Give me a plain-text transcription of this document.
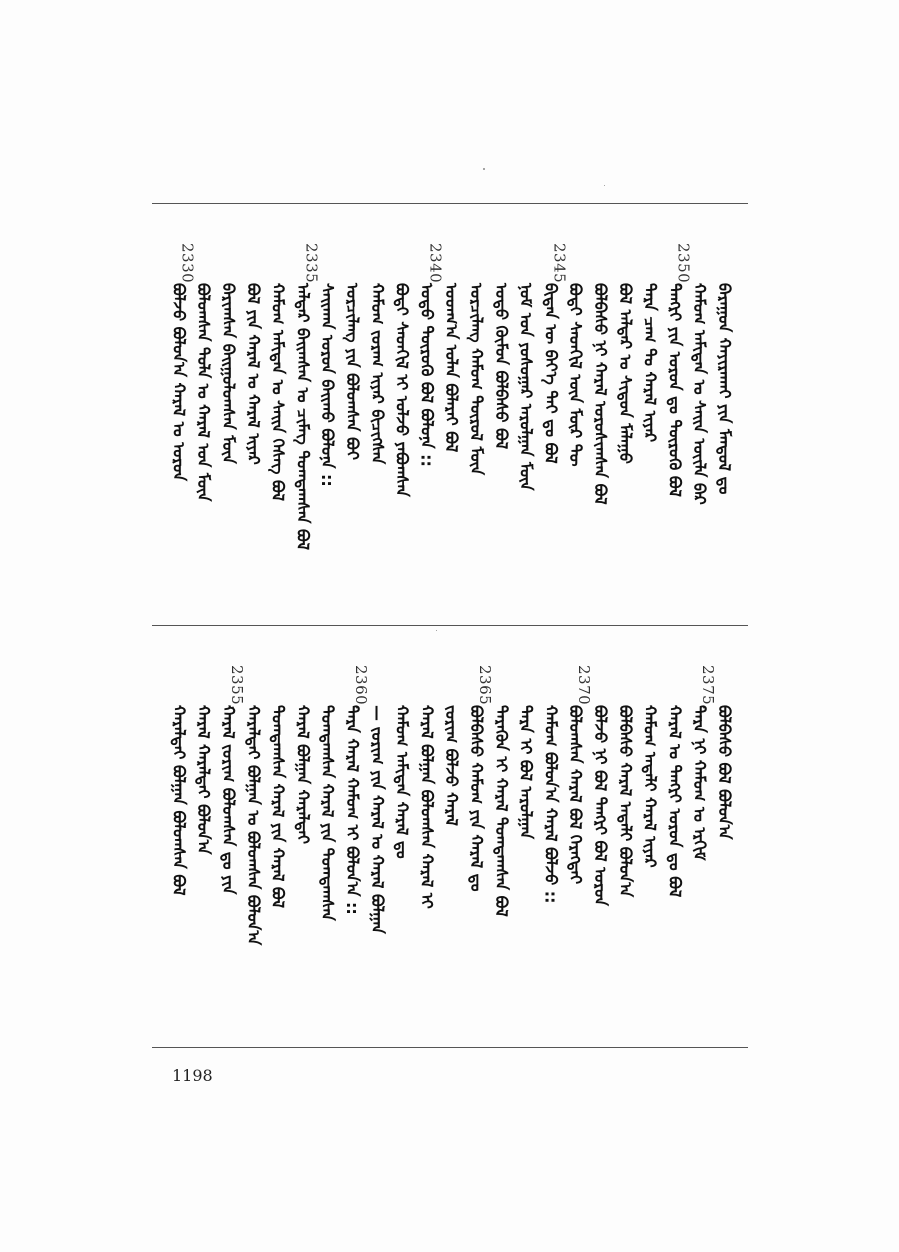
ᠪᠠᠷᠠᠭᠤᠨ ᠬᠠᠶᠢᠷᠠᠬᠠᠢ ᠶᠢᠨ ᠮᠠᠨᠳᠤᠯ ᠳᠤ
ᠬᠠᠮᠤᠭ ᠠᠮᠢᠲᠠᠨ ᠤ ᠰᠠᠢᠨ ᠦᠢᠯᠡ ᠪᠡᠷ
2350.
ᠲᠡᠩᠷᠢ ᠶᠢᠨ ᠣᠷᠣᠨ ᠳᠤ ᠲᠥᠷᠦᠬᠦ ᠪᠣᠯ
ᠲᠡᠷᠡ ᠴᠠᠭ ᠲᠤ ᠬᠠᠷᠠᠯ ᠢᠶᠠᠷ
ᠪᠣᠯ ᠠᠯᠳᠠᠷ ᠤ ᠰᠢᠳᠦᠨ ᠮᠠᠯᠠᠭᠤ
ᠪᠣᠯᠪᠠᠰᠤ ᠨᠢ ᠬᠠᠷᠠᠯ ᠣᠷᠣᠰᠢᠭᠰᠠᠨ ᠪᠣᠯ
ᠪᠣᠳᠢ ᠰᠡᠳᠬᠢᠯ ᠦᠨ ᠮᠥᠷ ᠲᠦ
2345.
ᠪᠢᠳᠡᠨ ᠦ ᠪᠡᠶ᠎ᠡ ᠲᠠᠢ ᠳᠤ ᠪᠣᠯ
ᠨᠣᠮ ᠤᠨ ᠶᠣᠰᠣᠭᠠᠷ ᠠᠷᠤᠯᠭᠠᠨ ᠮᠥᠨ
ᠣᠳᠣ ᠬᠦᠮᠦᠨ ᠪᠣᠯᠪᠠᠰᠤ ᠪᠣᠯ
ᠣᠷᠴᠢᠯᠠᠩ ᠬᠠᠮᠤᠭ ᠲᠦᠷᠦᠯ ᠮᠥᠨ
ᠣᠳᠬ᠎ᠠ ᠣᠯᠠᠨ ᠪᠣᠯᠠᠷᠠᠢ ᠪᠣᠯ
2340.
ᠣᠳᠣ ᠲᠥᠷᠦᠬᠦ ᠪᠣᠯ ᠪᠣᠯᠤᠨᠠ ::
ᠪᠣᠳᠢ ᠰᠡᠳᠬᠢᠯ ᠢ ᠣᠯᠵᠤ ᠶᠠᠪᠤᠭᠰᠠᠨ
ᠬᠠᠮᠤᠭ ᠵᠤᠷᠠᠭ ᠢᠶᠠᠷ ᠪᠢᠴᠢᠭᠰᠡᠨ
ᠣᠷᠴᠢᠯᠠᠩ ᠶᠢᠨ ᠪᠣᠯᠤᠭᠰᠠᠨ ᠪᠣᠢ
ᠰᠠᠢᠬᠠᠨ ᠣᠷᠣᠨ ᠪᠠᠢᠬᠤ ᠪᠣᠯᠤᠨᠠ ::
2335.
ᠠᠯᠳᠠᠷ ᠪᠠᠢᠭᠰᠠᠨ ᠤ ᠴᠢᠮᠡᠭ ᠲᠣᠭᠲᠠᠭᠰᠠᠨ ᠪᠣᠯ
ᠬᠠᠮᠤᠭ ᠠᠮᠢᠲᠠᠨ ᠤ ᠰᠠᠢᠨ ᠬᠡᠰᠡᠭ ᠪᠣᠯ
ᠪᠣᠯ ᠶᠢᠨ ᠬᠠᠷᠠᠯ ᠤ ᠬᠠᠷᠠᠯ ᠢᠶᠠᠷ
ᠪᠠᠷᠢᠭᠰᠠᠨ ᠪᠠᠢᠭᠤᠯᠤᠭᠰᠠᠨ ᠮᠥᠨ
ᠪᠣᠯᠤᠭᠰᠠᠨ ᠲᠤᠯᠠ ᠤ ᠬᠠᠷᠠᠯ ᠤᠨ ᠮᠥᠨ
2330.
ᠪᠣᠯᠵᠤ ᠪᠣᠯᠤᠨ᠎ᠠ ᠬᠠᠷᠠᠯ ᠤ ᠣᠷᠣᠨ
ᠪᠣᠯᠪᠠᠰᠤ ᠪᠣᠯ ᠪᠣᠯᠤᠨ᠎ᠠ
2375.
ᠲᠡᠷᠡ ᠨᠢ ᠬᠠᠮᠤᠭ ᠤ ᠡᠷᠬᠢᠮ
ᠬᠠᠷᠠᠯ ᠤ ᠲᠡᠩᠷᠢ ᠣᠷᠣᠨ ᠳᠤ ᠪᠣᠯ
ᠬᠠᠮᠤᠭ ᠠᠳᠠᠯᠢ ᠬᠠᠷᠠᠯ ᠢᠶᠠᠷ
ᠪᠣᠯᠪᠠᠰᠤ ᠬᠠᠷᠠᠯ ᠠᠳᠠᠯᠢ ᠪᠣᠯᠤᠨ᠎ᠠ
ᠪᠣᠯᠵᠤ ᠨᠢ ᠪᠣᠯ ᠲᠡᠩᠷᠢ ᠪᠣᠯ ᠣᠷᠣᠨ
2370.
ᠪᠣᠯᠤᠭᠰᠠᠨ ᠬᠠᠷᠠᠯ ᠪᠣᠯ ᠬᠡᠷᠡᠭᠲᠡᠢ
ᠬᠠᠮᠤᠭ ᠪᠣᠯᠤᠨ᠎ᠠ ᠬᠠᠷᠠᠯ ᠪᠣᠯᠵᠤ ::
ᠲᠡᠷᠡ ᠢ ᠪᠣᠯ ᠠᠷᠤᠯᠭᠠᠨ
ᠲᠡᠷᠡᠭᠦᠨ ᠢ ᠬᠠᠷᠠᠯ ᠲᠣᠭᠲᠠᠭᠰᠠᠨ ᠪᠣᠯ
2365.
ᠪᠣᠯᠪᠠᠰᠤ ᠬᠠᠮᠤᠭ ᠶᠢᠨ ᠬᠠᠷᠠᠯ ᠳᠤ
ᠵᠣᠷᠢᠭ ᠪᠣᠯᠵᠤ ᠬᠠᠷᠠᠯ
ᠬᠠᠷᠠᠯ ᠪᠣᠯᠭᠠᠨ ᠪᠣᠯᠤᠭᠰᠠᠨ ᠬᠠᠷᠠᠯ ᠢ
ᠬᠠᠮᠤᠭ ᠠᠮᠢᠲᠠᠨ ᠬᠠᠷᠠᠯ ᠳᠤ
— ᠵᠣᠷᠢᠭ ᠶᠢᠨ ᠬᠠᠷᠠᠯ ᠤ ᠬᠠᠷᠠᠯ ᠪᠣᠯᠭᠠᠨ
2360.
ᠲᠡᠷᠡ ᠬᠠᠷᠠᠯ ᠬᠠᠮᠤᠭ ᠢ ᠪᠣᠯᠤᠨ᠎ᠠ ::
ᠲᠣᠭᠲᠠᠭᠰᠠᠨ ᠬᠠᠷᠠᠯ ᠶᠢᠨ ᠲᠣᠭᠲᠠᠭᠰᠠᠨ
ᠬᠠᠷᠠᠯ ᠪᠣᠯᠭᠠᠨ ᠬᠠᠷᠠᠯᠲᠠᠢ
ᠲᠣᠭᠲᠠᠭᠰᠠᠨ ᠬᠠᠷᠠᠯ ᠶᠢᠨ ᠬᠠᠷᠠᠯ ᠪᠣᠯ
ᠬᠠᠷᠠᠯᠲᠠᠢ ᠪᠣᠯᠭᠠᠨ ᠤ ᠪᠣᠯᠤᠭᠰᠠᠨ ᠪᠣᠯᠤᠨ᠎ᠠ
2355.
ᠬᠠᠷᠠᠯ ᠵᠣᠷᠢᠭ ᠪᠣᠯᠤᠭᠰᠠᠨ ᠳᠤ ᠶᠢᠨ
ᠬᠠᠷᠠᠯ ᠬᠠᠷᠠᠯᠲᠠᠢ ᠪᠣᠯᠤᠨ᠎ᠠ
ᠬᠠᠷᠠᠯᠲᠠᠢ ᠪᠣᠯᠭᠠᠨ ᠪᠣᠯᠤᠭᠰᠠᠨ ᠪᠣᠯ
1198
